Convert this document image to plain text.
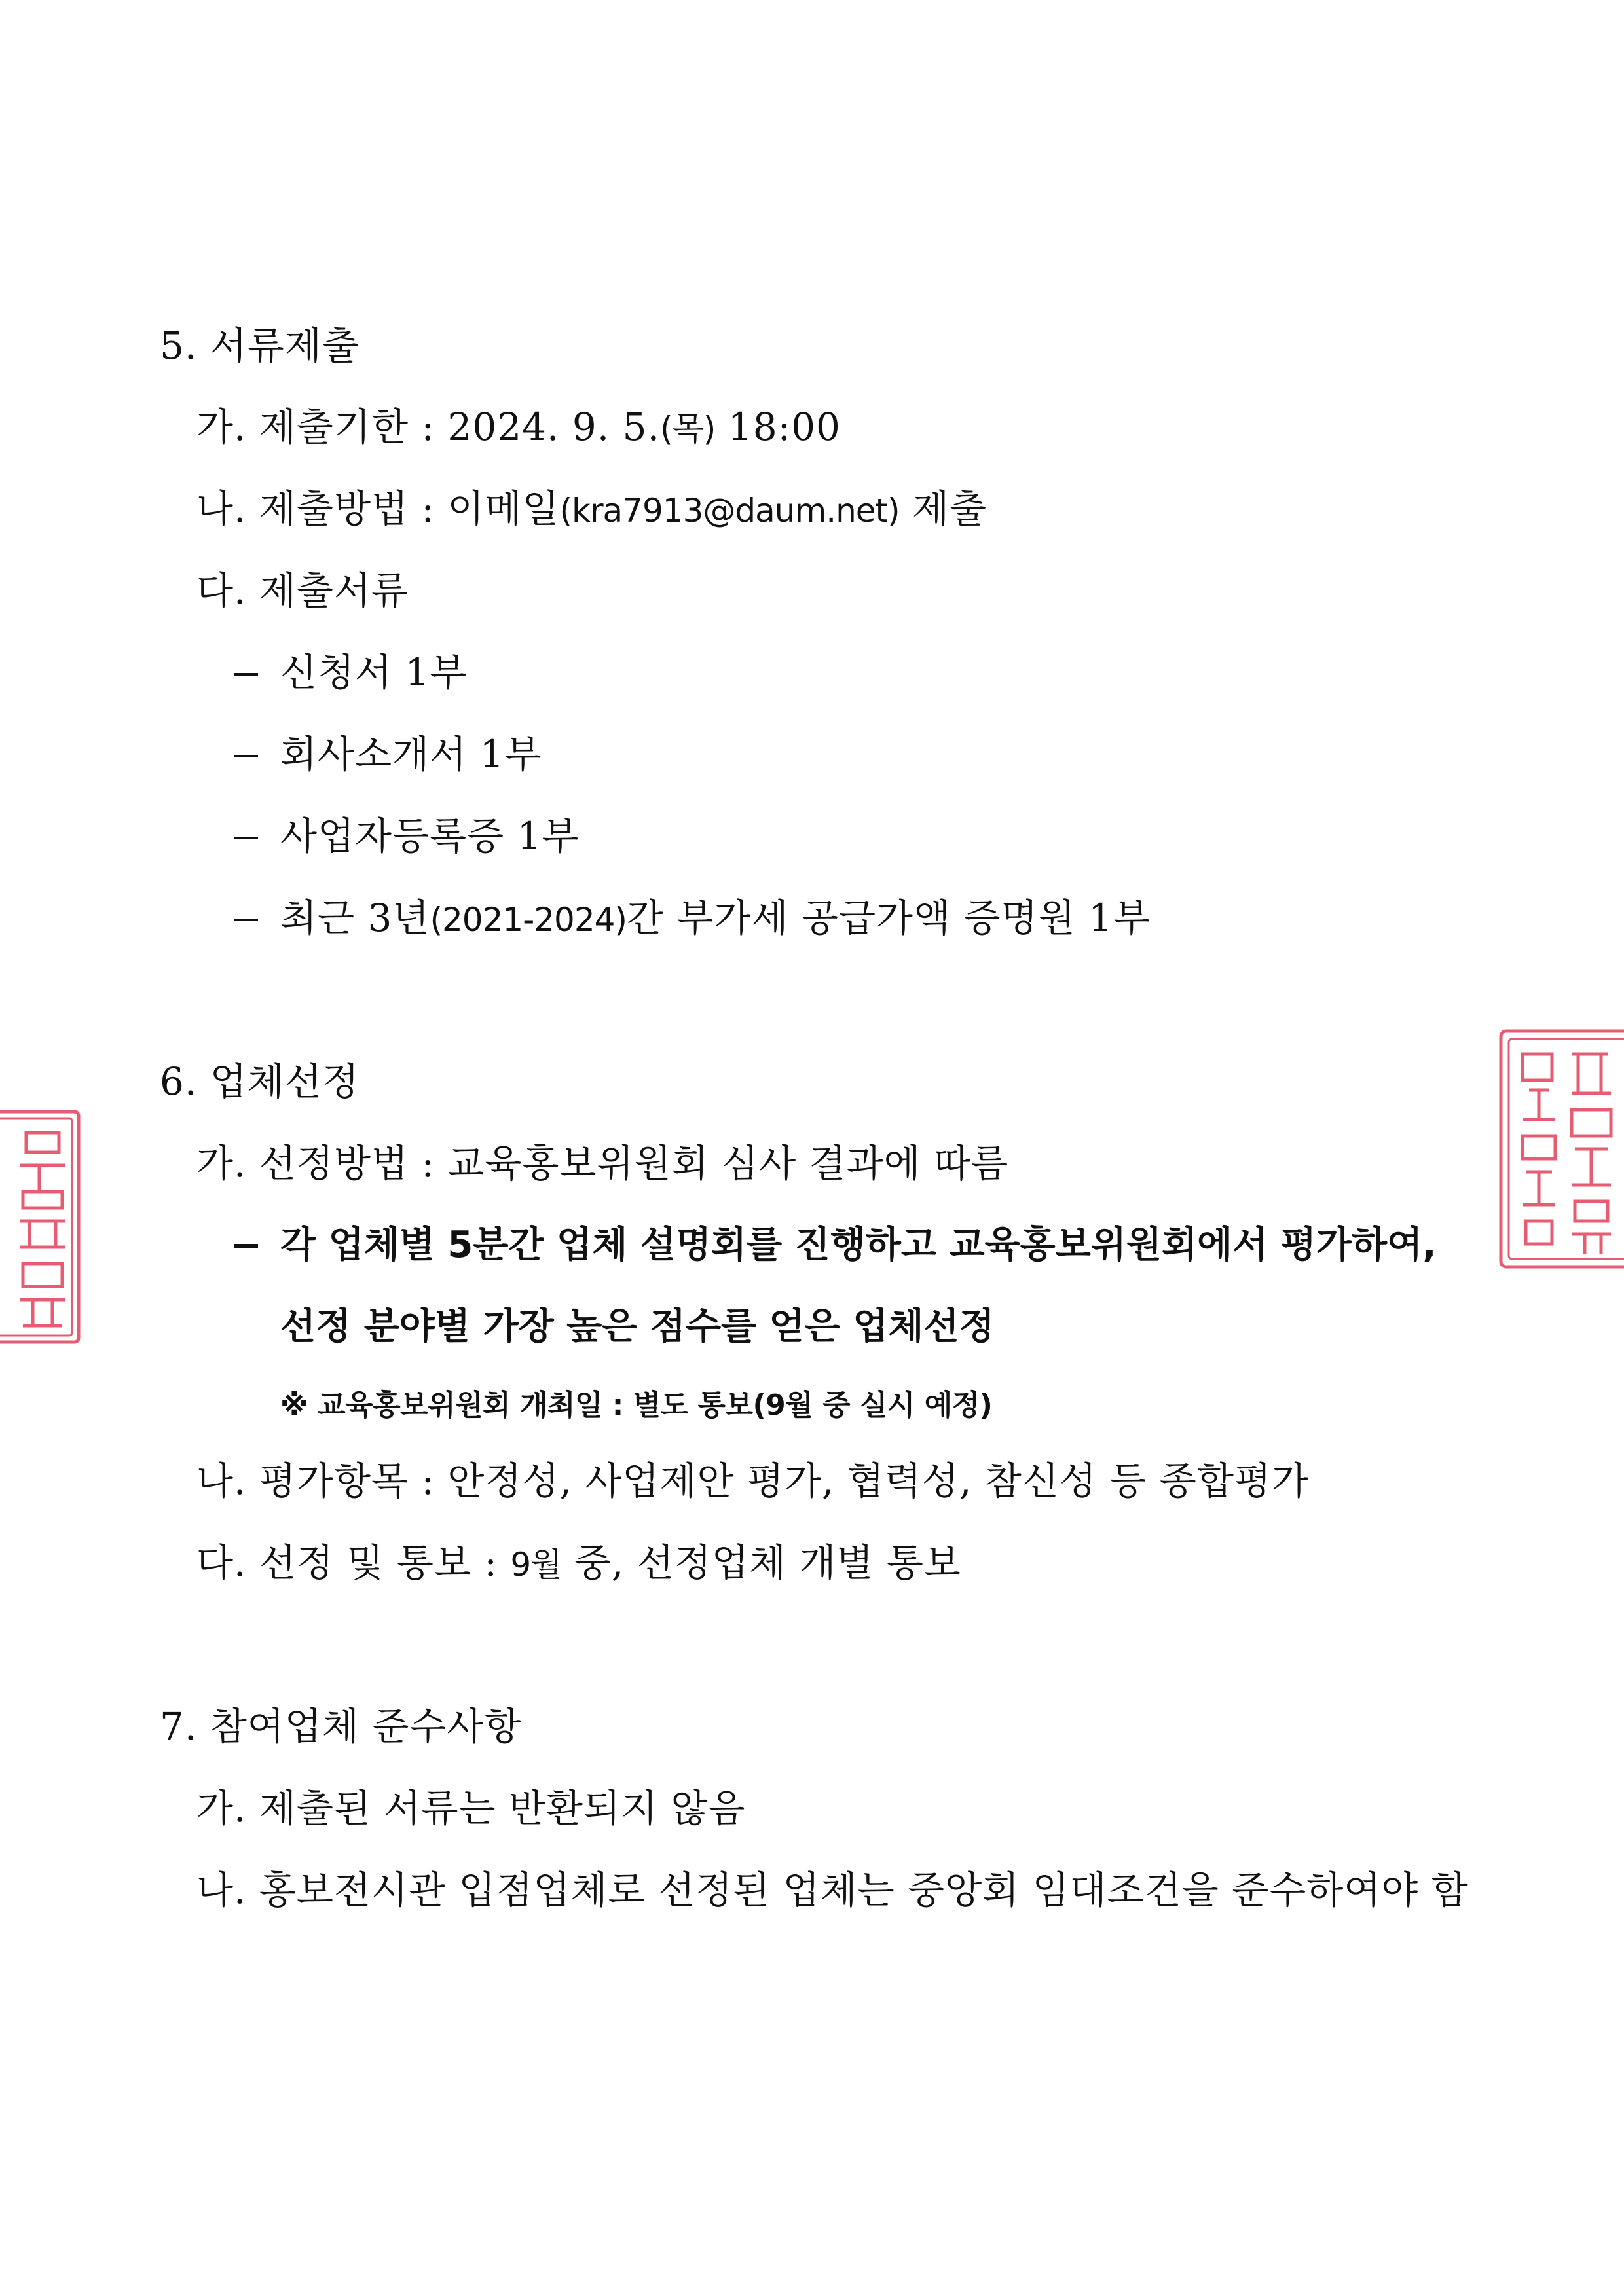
5. 서류제출
가. 제출기한 : 2024. 9. 5.(목) 18:00
나. 제출방법 : 이메일(kra7913@daum.net) 제출
다. 제출서류
신청서 1부
회사소개서 1부
사업자등록증 1부
최근 3년(2021-2024)간 부가세 공급가액 증명원 1부
6. 업체선정
가. 선정방법 : 교육홍보위원회 심사 결과에 따름
각 업체별 5분간 업체 설명회를 진행하고 교육홍보위원회에서 평가하여,
선정 분야별 가장 높은 점수를 얻은 업체선정
※ 교육홍보위원회 개최일 : 별도 통보(9월 중 실시 예정)
나. 평가항목 : 안정성, 사업제안 평가, 협력성, 참신성 등 종합평가
다. 선정 및 통보 : 9월 중, 선정업체 개별 통보
7. 참여업체 준수사항
가. 제출된 서류는 반환되지 않음
나. 홍보전시관 입점업체로 선정된 업체는 중앙회 임대조건을 준수하여야 함
